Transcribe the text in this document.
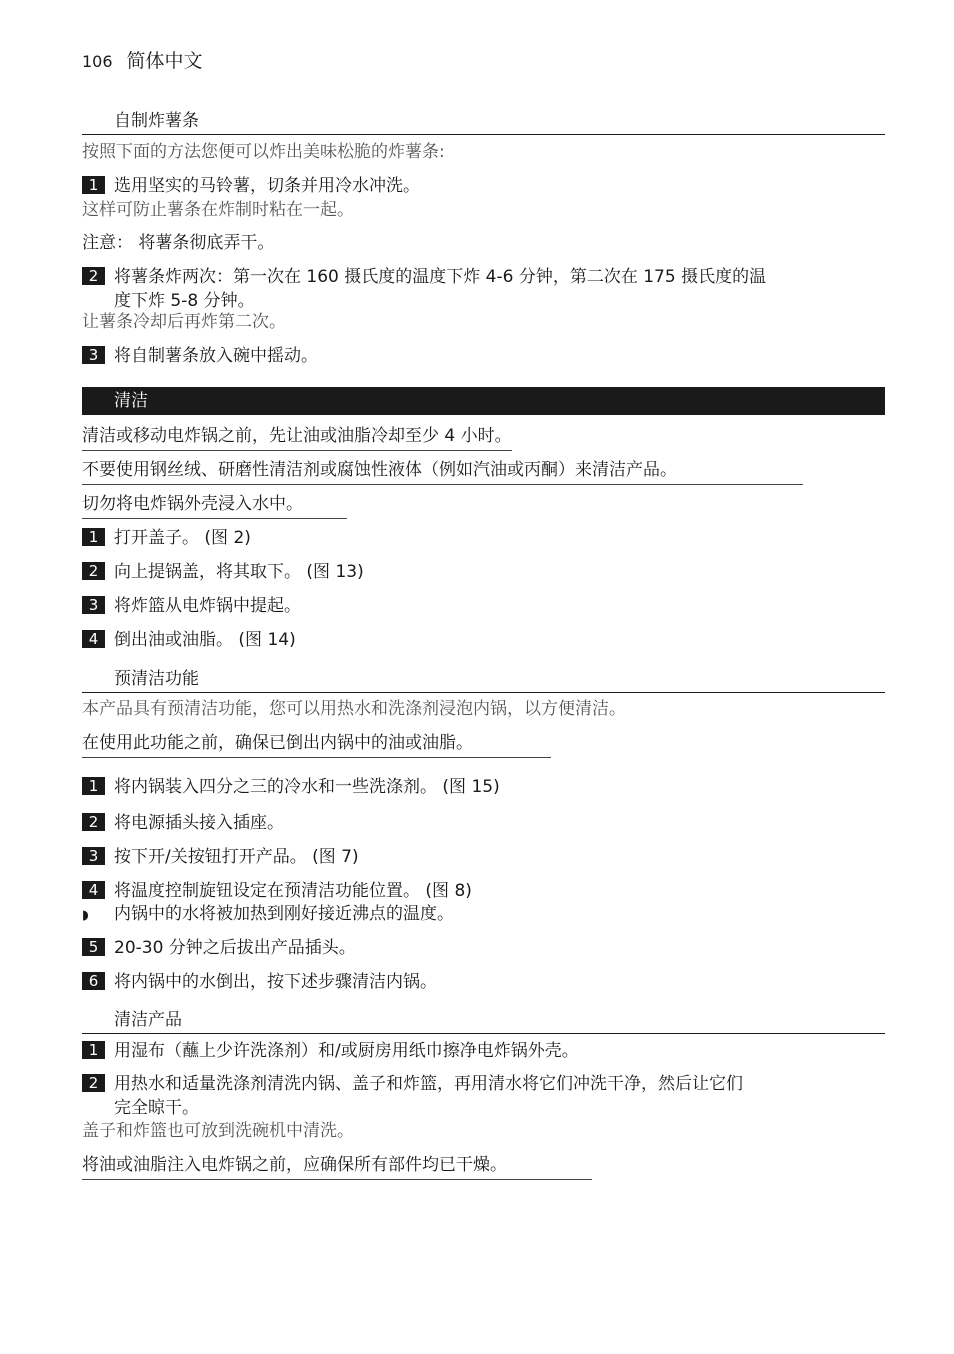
106 简体中文
自制炸薯条
按照下面的方法您便可以炸出美味松脆的炸薯条:
1 选用坚实的马铃薯，切条并用冷水冲洗。
这样可防止薯条在炸制时粘在一起。
注意： 将薯条彻底弄干。
2 将薯条炸两次：第一次在 160 摄氏度的温度下炸 4-6 分钟，第二次在 175 摄氏度的温
度下炸 5-8 分钟。
让薯条冷却后再炸第二次。
3 将自制薯条放入碗中摇动。
清洁
清洁或移动电炸锅之前，先让油或油脂冷却至少 4 小时。
不要使用钢丝绒、研磨性清洁剂或腐蚀性液体（例如汽油或丙酮）来清洁产品。
切勿将电炸锅外壳浸入水中。
1 打开盖子。 (图 2)
2 向上提锅盖，将其取下。 (图 13)
3 将炸篮从电炸锅中提起。
4 倒出油或油脂。 (图 14)
预清洁功能
本产品具有预清洁功能，您可以用热水和洗涤剂浸泡内锅，以方便清洁。
在使用此功能之前，确保已倒出内锅中的油或油脂。
1 将内锅装入四分之三的冷水和一些洗涤剂。 (图 15)
2 将电源插头接入插座。
3 按下开/关按钮打开产品。 (图 7)
4 将温度控制旋钮设定在预清洁功能位置。 (图 8)
◗ 内锅中的水将被加热到刚好接近沸点的温度。
5 20-30 分钟之后拔出产品插头。
6 将内锅中的水倒出，按下述步骤清洁内锅。
清洁产品
1 用湿布（蘸上少许洗涤剂）和/或厨房用纸巾擦净电炸锅外壳。
2 用热水和适量洗涤剂清洗内锅、盖子和炸篮，再用清水将它们冲洗干净，然后让它们
完全晾干。
盖子和炸篮也可放到洗碗机中清洗。
将油或油脂注入电炸锅之前，应确保所有部件均已干燥。
